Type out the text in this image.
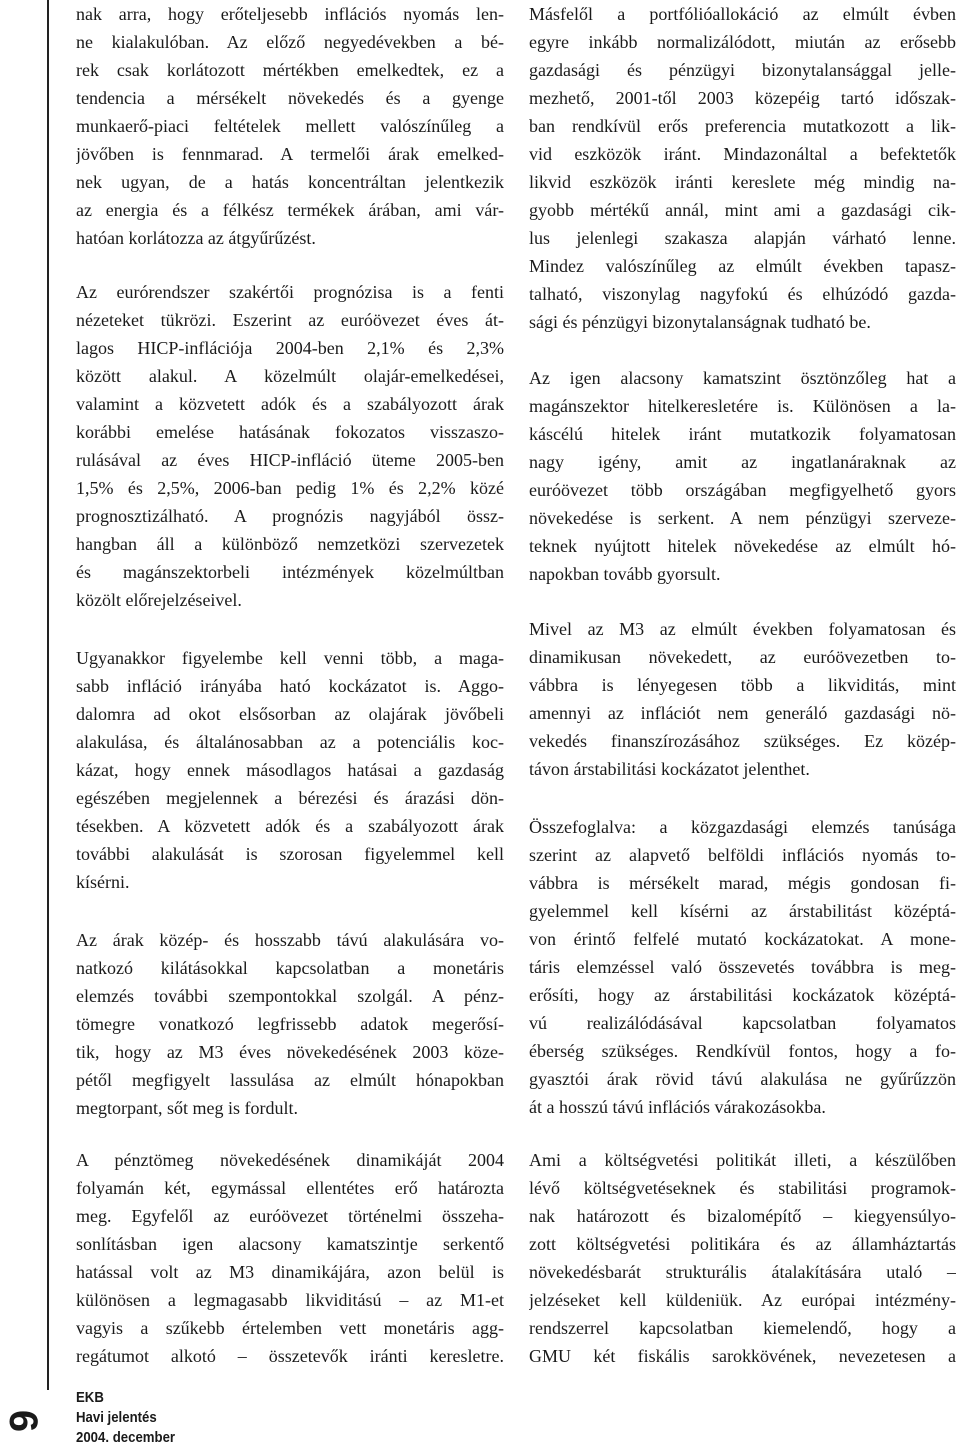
nak arra, hogy erőteljesebb inflációs nyomás len-
ne kialakulóban. Az előző negyedévekben a bé-
rek csak korlátozott mértékben emelkedtek, ez a
tendencia a mérsékelt növekedés és a gyenge
munkaerő-piaci feltételek mellett valószínűleg a
jövőben is fennmarad. A termelői árak emelked-
nek ugyan, de a hatás koncentráltan jelentkezik
az energia és a félkész termékek árában, ami vár-
hatóan korlátozza az átgyűrűzést.
Az eurórendszer szakértői prognózisa is a fenti
nézeteket tükrözi. Eszerint az euróövezet éves át-
lagos HICP-inflációja 2004-ben 2,1% és 2,3%
között alakul. A közelmúlt olajár-emelkedései,
valamint a közvetett adók és a szabályozott árak
korábbi emelése hatásának fokozatos visszaszo-
rulásával az éves HICP-infláció üteme 2005-ben
1,5% és 2,5%, 2006-ban pedig 1% és 2,2% közé
prognosztizálható. A prognózis nagyjából össz-
hangban áll a különböző nemzetközi szervezetek
és magánszektorbeli intézmények közelmúltban
közölt előrejelzéseivel.
Ugyanakkor figyelembe kell venni több, a maga-
sabb infláció irányába ható kockázatot is. Aggo-
dalomra ad okot elsősorban az olajárak jövőbeli
alakulása, és általánosabban az a potenciális koc-
kázat, hogy ennek másodlagos hatásai a gazdaság
egészében megjelennek a bérezési és árazási dön-
tésekben. A közvetett adók és a szabályozott árak
további alakulását is szorosan figyelemmel kell
kísérni.
Az árak közép- és hosszabb távú alakulására vo-
natkozó kilátásokkal kapcsolatban a monetáris
elemzés további szempontokkal szolgál. A pénz-
tömegre vonatkozó legfrissebb adatok megerősí-
tik, hogy az M3 éves növekedésének 2003 köze-
pétől megfigyelt lassulása az elmúlt hónapokban
megtorpant, sőt meg is fordult.
A pénztömeg növekedésének dinamikáját 2004
folyamán két, egymással ellentétes erő határozta
meg. Egyfelől az euróövezet történelmi összeha-
sonlításban igen alacsony kamatszintje serkentő
hatással volt az M3 dinamikájára, azon belül is
különösen a legmagasabb likviditású – az M1-et
vagyis a szűkebb értelemben vett monetáris agg-
regátumot alkotó – összetevők iránti keresletre.
Másfelől a portfólióallokáció az elmúlt évben
egyre inkább normalizálódott, miután az erősebb
gazdasági és pénzügyi bizonytalansággal jelle-
mezhető, 2001-től 2003 közepéig tartó időszak-
ban rendkívül erős preferencia mutatkozott a lik-
vid eszközök iránt. Mindazonáltal a befektetők
likvid eszközök iránti kereslete még mindig na-
gyobb mértékű annál, mint ami a gazdasági cik-
lus jelenlegi szakasza alapján várható lenne.
Mindez valószínűleg az elmúlt években tapasz-
talható, viszonylag nagyfokú és elhúzódó gazda-
sági és pénzügyi bizonytalanságnak tudható be.
Az igen alacsony kamatszint ösztönzőleg hat a
magánszektor hitelkeresletére is. Különösen a la-
káscélú hitelek iránt mutatkozik folyamatosan
nagy igény, amit az ingatlanáraknak az
euróövezet több országában megfigyelhető gyors
növekedése is serkent. A nem pénzügyi szerveze-
teknek nyújtott hitelek növekedése az elmúlt hó-
napokban tovább gyorsult.
Mivel az M3 az elmúlt években folyamatosan és
dinamikusan növekedett, az euróövezetben to-
vábbra is lényegesen több a likviditás, mint
amennyi az inflációt nem generáló gazdasági nö-
vekedés finanszírozásához szükséges. Ez közép-
távon árstabilitási kockázatot jelenthet.
Összefoglalva: a közgazdasági elemzés tanúsága
szerint az alapvető belföldi inflációs nyomás to-
vábbra is mérsékelt marad, mégis gondosan fi-
gyelemmel kell kísérni az árstabilitást középtá-
von érintő felfelé mutató kockázatokat. A mone-
táris elemzéssel való összevetés továbbra is meg-
erősíti, hogy az árstabilitási kockázatok középtá-
vú realizálódásával kapcsolatban folyamatos
éberség szükséges. Rendkívül fontos, hogy a fo-
gyasztói árak rövid távú alakulása ne gyűrűzzön
át a hosszú távú inflációs várakozásokba.
Ami a költségvetési politikát illeti, a készülőben
lévő költségvetéseknek és stabilitási programok-
nak határozott és bizalomépítő – kiegyensúlyo-
zott költségvetési politikára és az államháztartás
növekedésbarát strukturális átalakítására utaló –
jelzéseket kell küldeniük. Az európai intézmény-
rendszerrel kapcsolatban kiemelendő, hogy a
GMU két fiskális sarokkövének, nevezetesen a
6
EKB
Havi jelentés
2004. december
